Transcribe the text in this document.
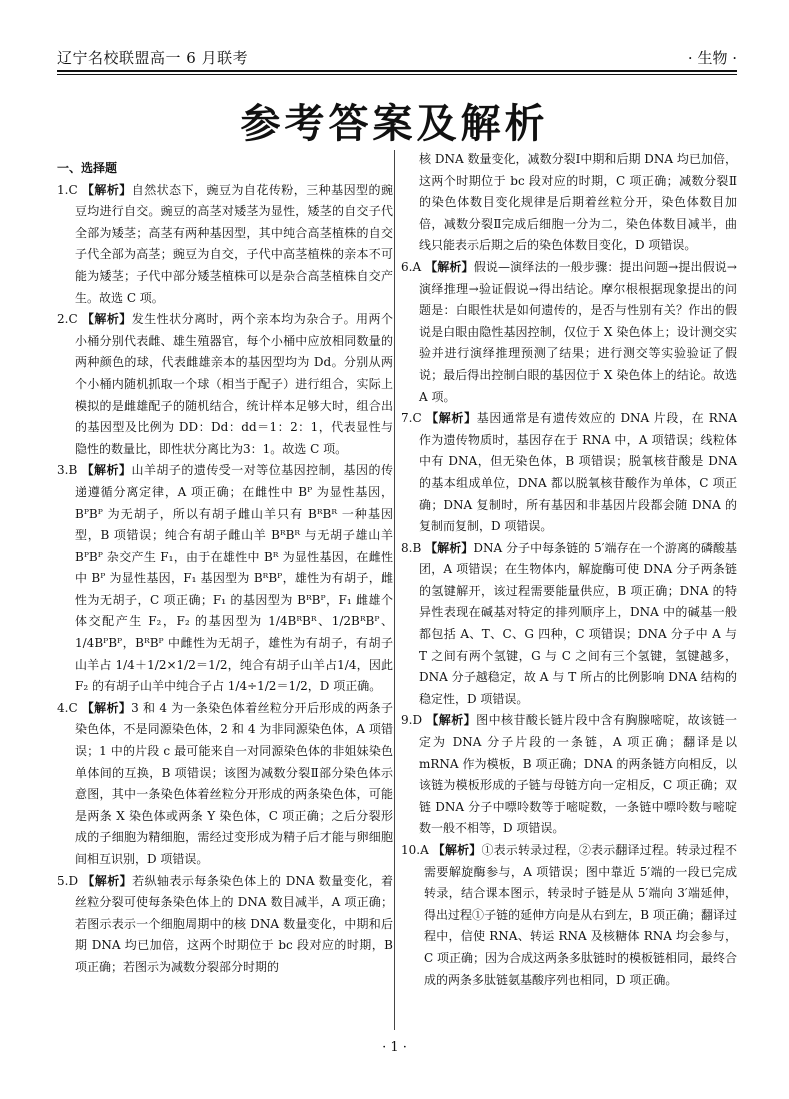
辽宁名校联盟高一 6 月联考	· 生物 ·
参考答案及解析
一、选择题
1.C 【解析】自然状态下，豌豆为自花传粉，三种基因型的豌豆均进行自交。豌豆的高茎对矮茎为显性，矮茎的自交子代全部为矮茎；高茎有两种基因型，其中纯合高茎植株的自交子代全部为高茎；豌豆为自交，子代中高茎植株的亲本不可能为矮茎；子代中部分矮茎植株可以是杂合高茎植株自交产生。故选 C 项。
2.C 【解析】发生性状分离时，两个亲本均为杂合子。用两个小桶分别代表雌、雄生殖器官，每个小桶中应放相同数量的两种颜色的球，代表雌雄亲本的基因型均为 Dd。分别从两个小桶内随机抓取一个球（相当于配子）进行组合，实际上模拟的是雌雄配子的随机结合，统计样本足够大时，组合出的基因型及比例为 DD：Dd：dd＝1：2：1，代表显性与隐性的数量比，即性状分离比为3：1。故选 C 项。
3.B 【解析】山羊胡子的遗传受一对等位基因控制，基因的传递遵循分离定律，A 项正确；在雌性中 Bᴾ 为显性基因，BᴾBᴾ 为无胡子，所以有胡子雌山羊只有 BᴿBᴿ 一种基因型，B 项错误；纯合有胡子雌山羊 BᴿBᴿ 与无胡子雄山羊 BᴾBᴾ 杂交产生 F₁，由于在雄性中 Bᴿ 为显性基因，在雌性中 Bᴾ 为显性基因，F₁ 基因型为 BᴿBᴾ，雄性为有胡子，雌性为无胡子，C 项正确；F₁ 的基因型为 BᴿBᴾ，F₁ 雌雄个体交配产生 F₂，F₂ 的基因型为 1/4BᴿBᴿ、1/2BᴿBᴾ、1/4BᴾBᴾ，BᴿBᴾ 中雌性为无胡子，雄性为有胡子，有胡子山羊占 1/4＋1/2×1/2＝1/2，纯合有胡子山羊占1/4，因此 F₂ 的有胡子山羊中纯合子占 1/4÷1/2＝1/2，D 项正确。
4.C 【解析】3 和 4 为一条染色体着丝粒分开后形成的两条子染色体，不是同源染色体，2 和 4 为非同源染色体，A 项错误；1 中的片段 c 最可能来自一对同源染色体的非姐妹染色单体间的互换，B 项错误；该图为减数分裂Ⅱ部分染色体示意图，其中一条染色体着丝粒分开形成的两条染色体，可能是两条 X 染色体或两条 Y 染色体，C 项正确；之后分裂形成的子细胞为精细胞，需经过变形成为精子后才能与卵细胞间相互识别，D 项错误。
5.D 【解析】若纵轴表示每条染色体上的 DNA 数量变化，着丝粒分裂可使每条染色体上的 DNA 数目减半，A 项正确；若图示表示一个细胞周期中的核 DNA 数量变化，中期和后期 DNA 均已加倍，这两个时期位于 bc 段对应的时期，B 项正确；若图示为减数分裂部分时期的
核 DNA 数量变化，减数分裂Ⅰ中期和后期 DNA 均已加倍，这两个时期位于 bc 段对应的时期，C 项正确；减数分裂Ⅱ的染色体数目变化规律是后期着丝粒分开，染色体数目加倍，减数分裂Ⅱ完成后细胞一分为二，染色体数目减半，曲线只能表示后期之后的染色体数目变化，D 项错误。
6.A 【解析】假说—演绎法的一般步骤：提出问题→提出假说→演绎推理→验证假说→得出结论。摩尔根根据现象提出的问题是：白眼性状是如何遗传的，是否与性别有关？作出的假说是白眼由隐性基因控制，仅位于 X 染色体上；设计测交实验并进行演绎推理预测了结果；进行测交等实验验证了假说；最后得出控制白眼的基因位于 X 染色体上的结论。故选 A 项。
7.C 【解析】基因通常是有遗传效应的 DNA 片段，在 RNA 作为遗传物质时，基因存在于 RNA 中，A 项错误；线粒体中有 DNA，但无染色体，B 项错误；脱氧核苷酸是 DNA 的基本组成单位，DNA 都以脱氧核苷酸作为单体，C 项正确；DNA 复制时，所有基因和非基因片段都会随 DNA 的复制而复制，D 项错误。
8.B 【解析】DNA 分子中每条链的 5′端存在一个游离的磷酸基团，A 项错误；在生物体内，解旋酶可使 DNA 分子两条链的氢键解开，该过程需要能量供应，B 项正确；DNA 的特异性表现在碱基对特定的排列顺序上，DNA 中的碱基一般都包括 A、T、C、G 四种，C 项错误；DNA 分子中 A 与 T 之间有两个氢键，G 与 C 之间有三个氢键，氢键越多，DNA 分子越稳定，故 A 与 T 所占的比例影响 DNA 结构的稳定性，D 项错误。
9.D 【解析】图中核苷酸长链片段中含有胸腺嘧啶，故该链一定为 DNA 分子片段的一条链，A 项正确；翻译是以 mRNA 作为模板，B 项正确；DNA 的两条链方向相反，以该链为模板形成的子链与母链方向一定相反，C 项正确；双链 DNA 分子中嘌呤数等于嘧啶数，一条链中嘌呤数与嘧啶数一般不相等，D 项错误。
10.A 【解析】①表示转录过程，②表示翻译过程。转录过程不需要解旋酶参与，A 项错误；图中靠近 5′端的一段已完成转录，结合课本图示，转录时子链是从 5′端向 3′端延伸，得出过程①子链的延伸方向是从右到左，B 项正确；翻译过程中，信使 RNA、转运 RNA 及核糖体 RNA 均会参与，C 项正确；因为合成这两条多肽链时的模板链相同，最终合成的两条多肽链氨基酸序列也相同，D 项正确。
· 1 ·
